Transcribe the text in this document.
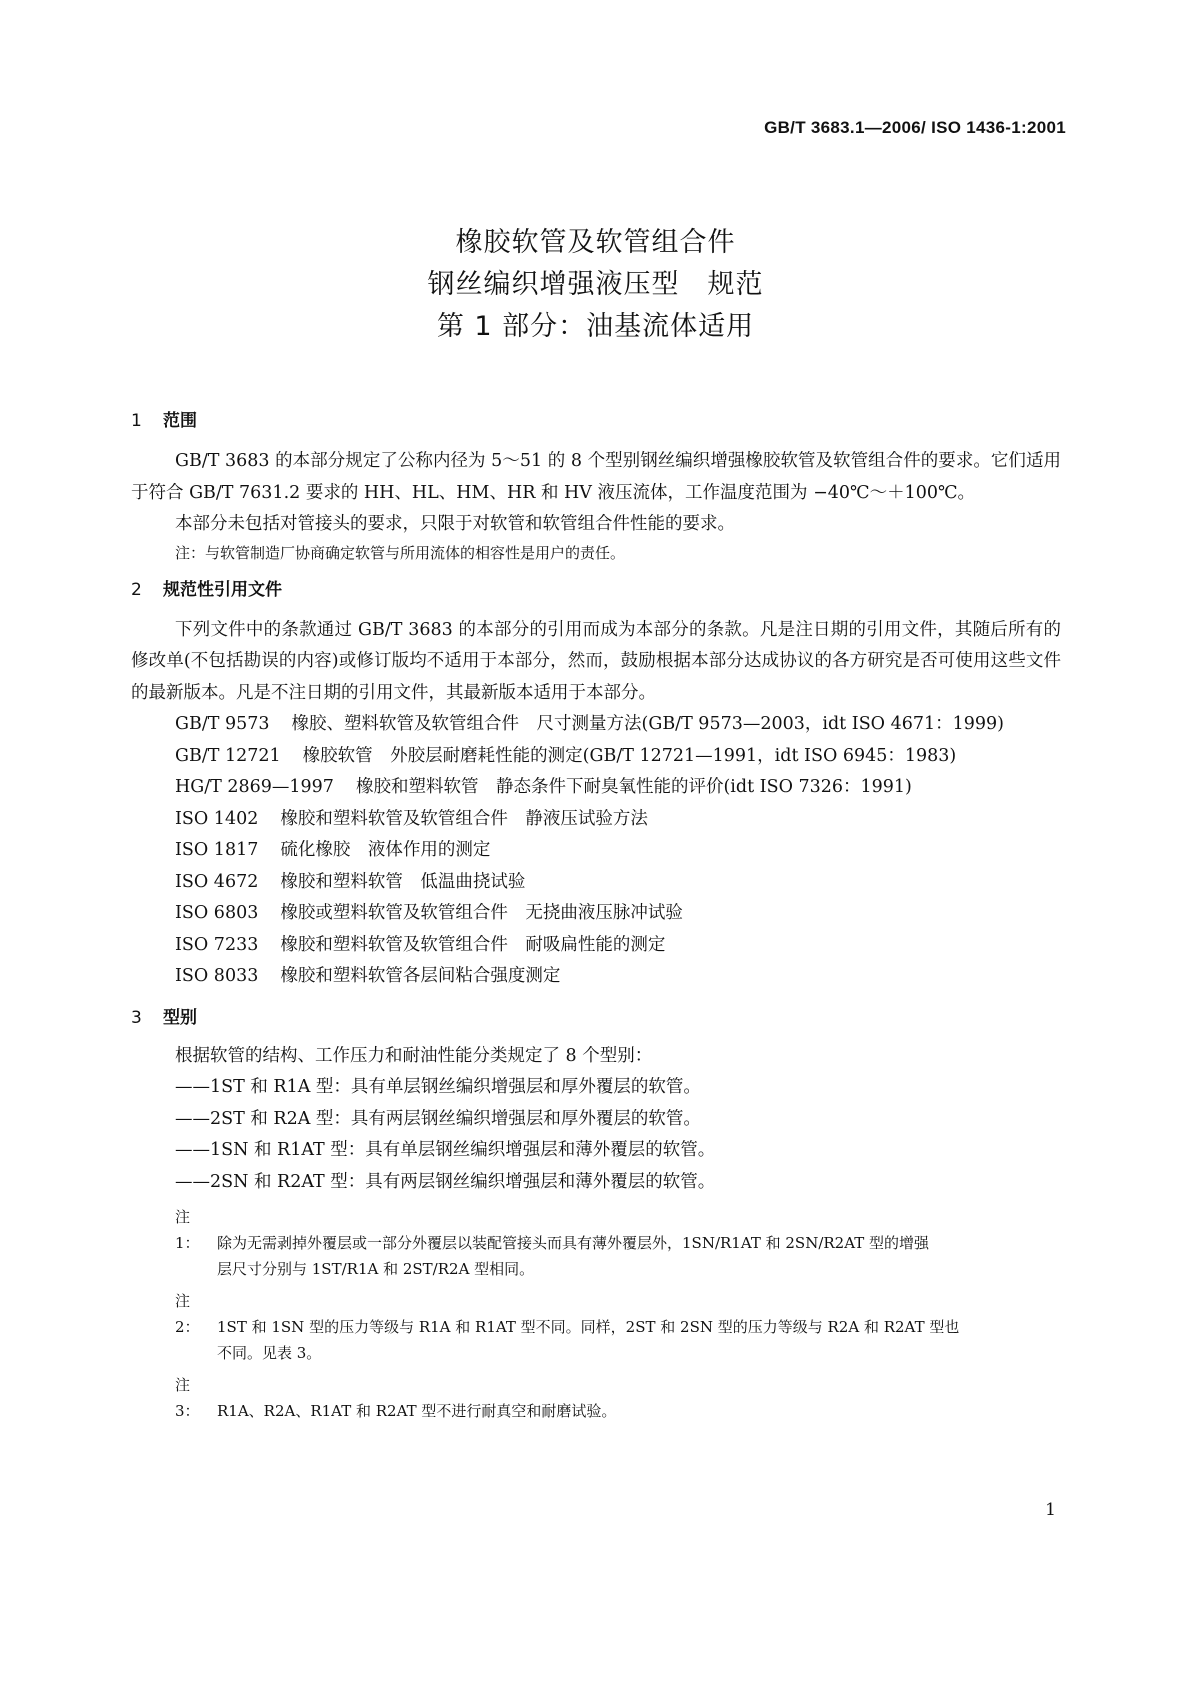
GB/T 3683.1—2006/ ISO 1436-1:2001
橡胶软管及软管组合件
钢丝编织增强液压型　规范
第 1 部分：油基流体适用
1 范围

GB/T 3683 的本部分规定了公称内径为 5～51 的 8 个型别钢丝编织增强橡胶软管及软管组合件的要求。它们适用于符合 GB/T 7631.2 要求的 HH、HL、HM、HR 和 HV 液压流体，工作温度范围为 −40℃～＋100℃。

本部分未包括对管接头的要求，只限于对软管和软管组合件性能的要求。

注：与软管制造厂协商确定软管与所用流体的相容性是用户的责任。

2 规范性引用文件

下列文件中的条款通过 GB/T 3683 的本部分的引用而成为本部分的条款。凡是注日期的引用文件，其随后所有的修改单(不包括勘误的内容)或修订版均不适用于本部分，然而，鼓励根据本部分达成协议的各方研究是否可使用这些文件的最新版本。凡是不注日期的引用文件，其最新版本适用于本部分。

GB/T 9573 橡胶、塑料软管及软管组合件　尺寸测量方法(GB/T 9573—2003，idt ISO 4671：1999)

GB/T 12721 橡胶软管　外胶层耐磨耗性能的测定(GB/T 12721—1991，idt ISO 6945：1983)

HG/T 2869—1997 橡胶和塑料软管　静态条件下耐臭氧性能的评价(idt ISO 7326：1991)

ISO 1402 橡胶和塑料软管及软管组合件　静液压试验方法

ISO 1817 硫化橡胶　液体作用的测定

ISO 4672 橡胶和塑料软管　低温曲挠试验

ISO 6803 橡胶或塑料软管及软管组合件　无挠曲液压脉冲试验

ISO 7233 橡胶和塑料软管及软管组合件　耐吸扁性能的测定

ISO 8033 橡胶和塑料软管各层间粘合强度测定

3 型别

根据软管的结构、工作压力和耐油性能分类规定了 8 个型别：

——1ST 和 R1A 型：具有单层钢丝编织增强层和厚外覆层的软管。

——2ST 和 R2A 型：具有两层钢丝编织增强层和厚外覆层的软管。

——1SN 和 R1AT 型：具有单层钢丝编织增强层和薄外覆层的软管。

——2SN 和 R2AT 型：具有两层钢丝编织增强层和薄外覆层的软管。

注 1： 除为无需剥掉外覆层或一部分外覆层以装配管接头而具有薄外覆层外，1SN/R1AT 和 2SN/R2AT 型的增强
层尺寸分别与 1ST/R1A 和 2ST/R2A 型相同。
注 2： 1ST 和 1SN 型的压力等级与 R1A 和 R1AT 型不同。同样，2ST 和 2SN 型的压力等级与 R2A 和 R2AT 型也
不同。见表 3。
注 3： R1A、R2A、R1AT 和 R2AT 型不进行耐真空和耐磨试验。
1
